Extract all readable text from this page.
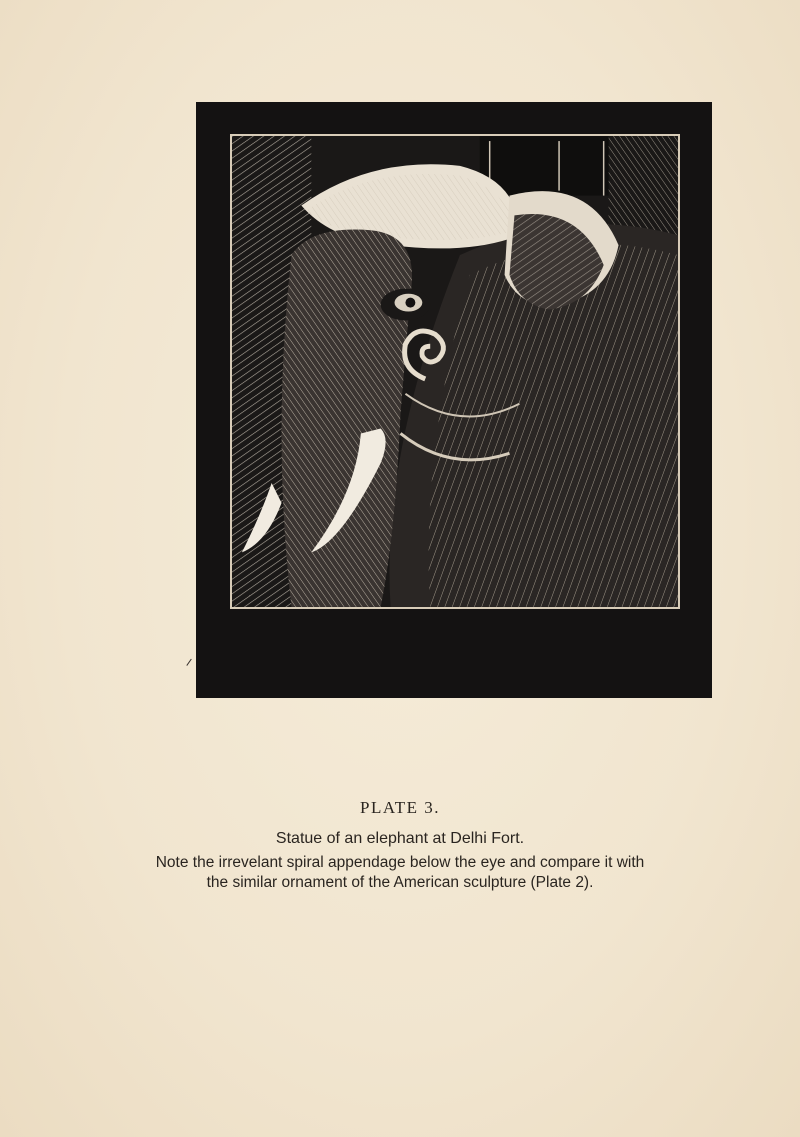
PLATE 3.
Statue of an elephant at Delhi Fort.
Note the irrevelant spiral appendage below the eye and compare it with
the similar ornament of the American sculpture (Plate 2).
